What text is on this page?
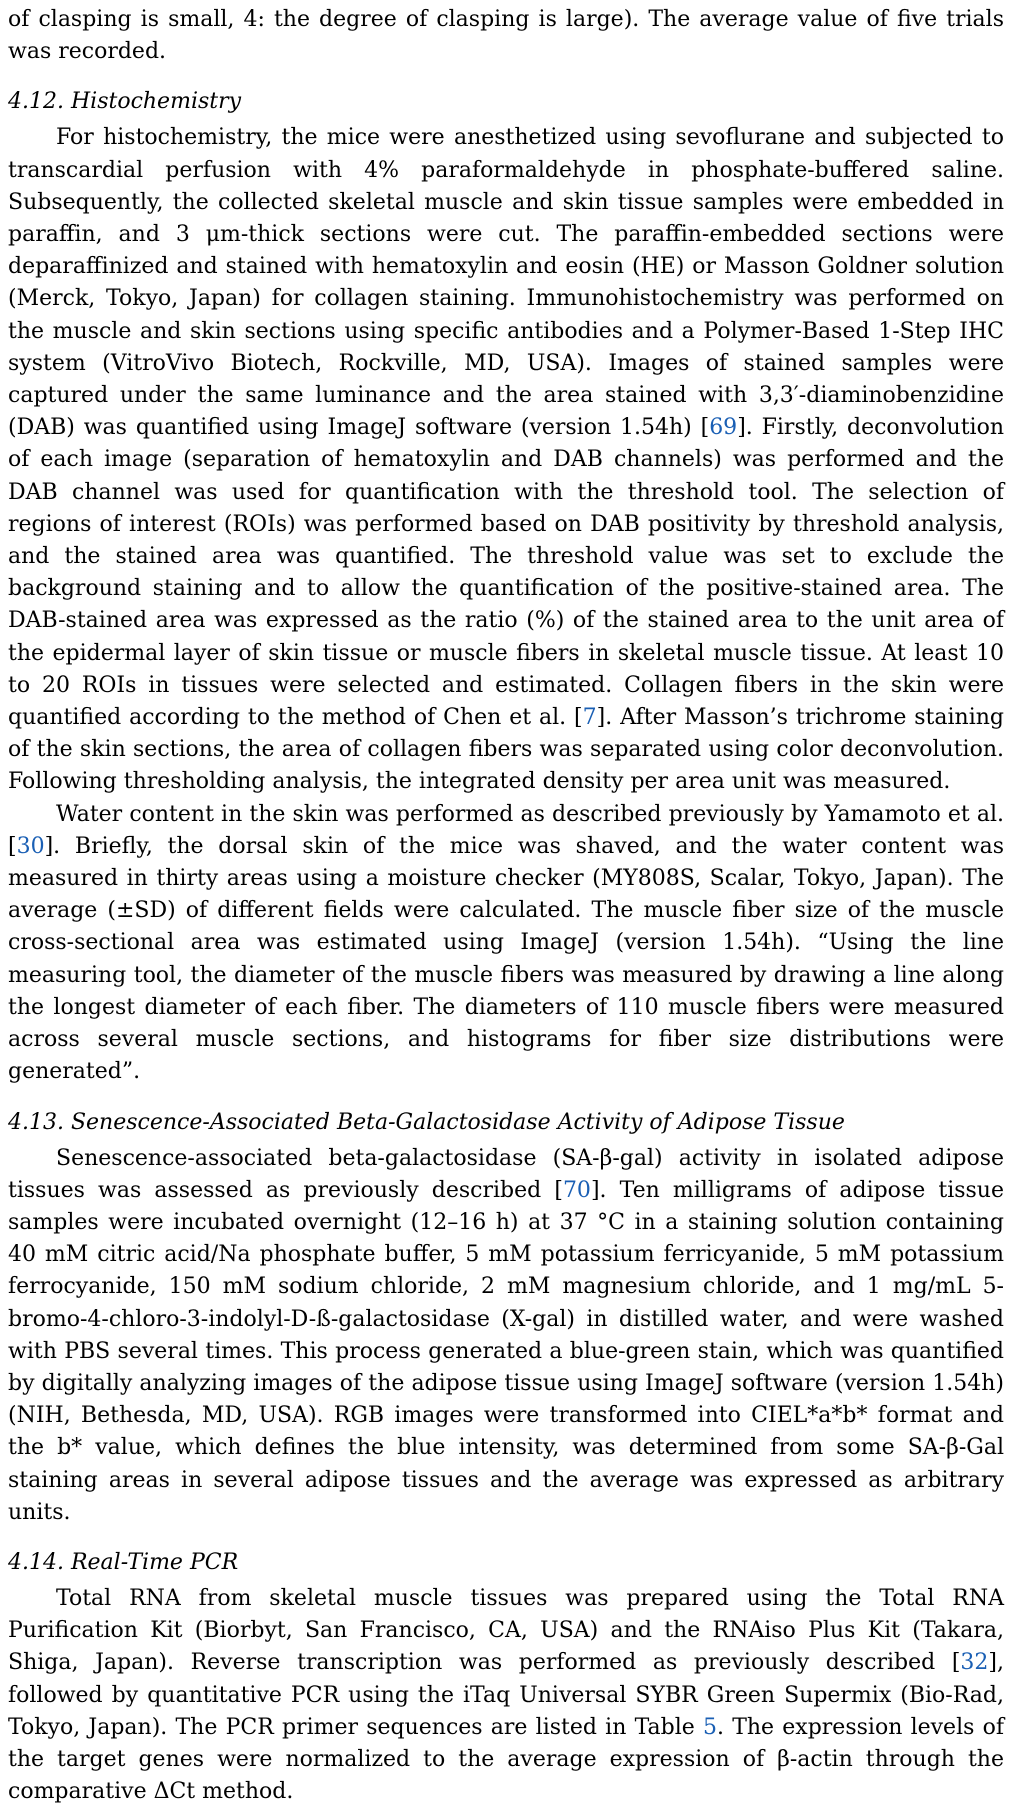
of clasping is small, 4: the degree of clasping is large). The average value of five trials was recorded.

4.12. Histochemistry

For histochemistry, the mice were anesthetized using sevoflurane and subjected to transcardial perfusion with 4% paraformaldehyde in phosphate-buffered saline. Subsequently, the collected skeletal muscle and skin tissue samples were embedded in paraffin, and 3 μm-thick sections were cut. The paraffin-embedded sections were deparaffinized and stained with hematoxylin and eosin (HE) or Masson Goldner solution (Merck, Tokyo, Japan) for collagen staining. Immunohistochemistry was performed on the muscle and skin sections using specific antibodies and a Polymer-Based 1-Step IHC system (VitroVivo Biotech, Rockville, MD, USA). Images of stained samples were captured under the same luminance and the area stained with 3,3′-diaminobenzidine (DAB) was quantified using ImageJ software (version 1.54h) [69]. Firstly, deconvolution of each image (separation of hematoxylin and DAB channels) was performed and the DAB channel was used for quantification with the threshold tool. The selection of regions of interest (ROIs) was performed based on DAB positivity by threshold analysis, and the stained area was quantified. The threshold value was set to exclude the background staining and to allow the quantification of the positive-stained area. The DAB-stained area was expressed as the ratio (%) of the stained area to the unit area of the epidermal layer of skin tissue or muscle fibers in skeletal muscle tissue. At least 10 to 20 ROIs in tissues were selected and estimated. Collagen fibers in the skin were quantified according to the method of Chen et al. [7]. After Masson’s trichrome staining of the skin sections, the area of collagen fibers was separated using color deconvolution. Following thresholding analysis, the integrated density per area unit was measured.

Water content in the skin was performed as described previously by Yamamoto et al. [30]. Briefly, the dorsal skin of the mice was shaved, and the water content was measured in thirty areas using a moisture checker (MY808S, Scalar, Tokyo, Japan). The average (±SD) of different fields were calculated. The muscle fiber size of the muscle cross-sectional area was estimated using ImageJ (version 1.54h). “Using the line measuring tool, the diameter of the muscle fibers was measured by drawing a line along the longest diameter of each fiber. The diameters of 110 muscle fibers were measured across several muscle sections, and histograms for fiber size distributions were generated”.

4.13. Senescence-Associated Beta-Galactosidase Activity of Adipose Tissue

Senescence-associated beta-galactosidase (SA-β-gal) activity in isolated adipose tissues was assessed as previously described [70]. Ten milligrams of adipose tissue samples were incubated overnight (12–16 h) at 37 °C in a staining solution containing 40 mM citric acid/Na phosphate buffer, 5 mM potassium ferricyanide, 5 mM potassium ferrocyanide, 150 mM sodium chloride, 2 mM magnesium chloride, and 1 mg/mL 5-bromo-4-chloro-3-indolyl-D-ß-galactosidase (X-gal) in distilled water, and were washed with PBS several times. This process generated a blue-green stain, which was quantified by digitally analyzing images of the adipose tissue using ImageJ software (version 1.54h) (NIH, Bethesda, MD, USA). RGB images were transformed into CIEL*a*b* format and the b* value, which defines the blue intensity, was determined from some SA-β-Gal staining areas in several adipose tissues and the average was expressed as arbitrary units.

4.14. Real-Time PCR

Total RNA from skeletal muscle tissues was prepared using the Total RNA Purification Kit (Biorbyt, San Francisco, CA, USA) and the RNAiso Plus Kit (Takara, Shiga, Japan). Reverse transcription was performed as previously described [32], followed by quantitative PCR using the iTaq Universal SYBR Green Supermix (Bio-Rad, Tokyo, Japan). The PCR primer sequences are listed in Table 5. The expression levels of the target genes were normalized to the average expression of β-actin through the comparative ΔCt method.
